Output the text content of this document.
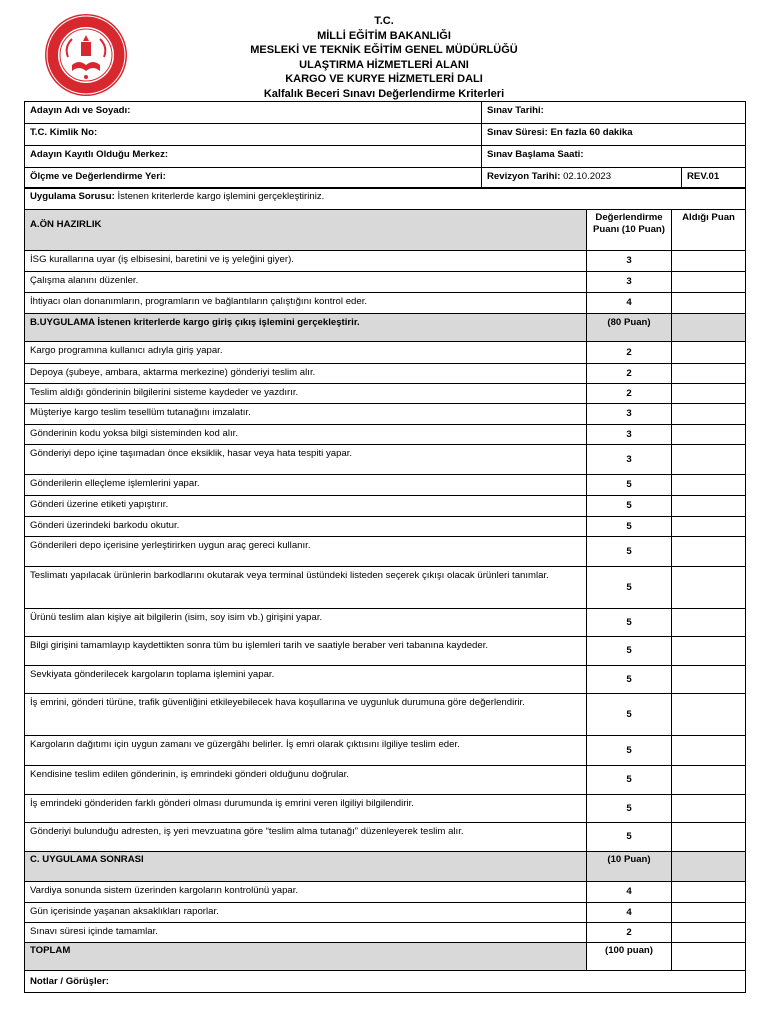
T.C.
MİLLİ EĞİTİM BAKANLIĞI
MESLEKİ VE TEKNİK EĞİTİM GENEL MÜDÜRLÜĞÜ
ULAŞTIRMA HİZMETLERİ ALANI
KARGO VE KURYE HİZMETLERİ DALI
Kalfalık Beceri Sınavı Değerlendirme Kriterleri
Adayın Adı ve Soyadı:	Sınav Tarihi:	
T.C. Kimlik No:	Sınav Süresi: En fazla 60 dakika	
Adayın Kayıtlı Olduğu Merkez:	Sınav Başlama Saati:	
Ölçme ve Değerlendirme Yeri:	Revizyon Tarihi: 02.10.2023	REV.01
Uygulama Sorusu: İstenen kriterlerde kargo işlemini gerçekleştiriniz.		
A.ÖN HAZIRLIK	Değerlendirme Puanı (10 Puan)	Aldığı Puan
İSG kurallarına uyar (iş elbisesini, baretini ve iş yeleğini giyer).	3	
Çalışma alanını düzenler.	3	
İhtiyacı olan donanımların, programların ve bağlantıların çalıştığını kontrol eder.	4	
B.UYGULAMA İstenen kriterlerde kargo giriş çıkış işlemini gerçekleştirir.	(80 Puan)	
Kargo programına kullanıcı adıyla giriş yapar.	2	
Depoya (şubeye, ambara, aktarma merkezine) gönderiyi teslim alır.	2	
Teslim aldığı gönderinin bilgilerini sisteme kaydeder ve yazdırır.	2	
Müşteriye kargo teslim tesellüm tutanağını imzalatır.	3	
Gönderinin kodu yoksa bilgi sisteminden kod alır.	3	
Gönderiyi depo içine taşımadan önce eksiklik, hasar veya hata tespiti yapar.	3	
Gönderilerin elleçleme işlemlerini yapar.	5	
Gönderi üzerine etiketi yapıştırır.	5	
Gönderi üzerindeki barkodu okutur.	5	
Gönderileri depo içerisine yerleştirirken uygun araç gereci kullanır.	5	
Teslimatı yapılacak ürünlerin barkodlarını okutarak veya terminal üstündeki listeden seçerek çıkışı olacak ürünleri tanımlar.	5	
Ürünü teslim alan kişiye ait bilgilerin (isim, soy isim vb.) girişini yapar.	5	
Bilgi girişini tamamlayıp kaydettikten sonra tüm bu işlemleri tarih ve saatiyle beraber veri tabanına kaydeder.	5	
Sevkiyata gönderilecek kargoların toplama işlemini yapar.	5	
İş emrini, gönderi türüne, trafik güvenliğini etkileyebilecek hava koşullarına ve uygunluk durumuna göre değerlendirir.	5	
Kargoların dağıtımı için uygun zamanı ve güzergâhı belirler. İş emri olarak çıktısını ilgiliye teslim eder.	5	
Kendisine teslim edilen gönderinin, iş emrindeki gönderi olduğunu doğrular.	5	
İş emrindeki gönderiden farklı gönderi olması durumunda iş emrini veren ilgiliyi bilgilendirir.	5	
Gönderiyi bulunduğu adresten, iş yeri mevzuatına göre “teslim alma tutanağı” düzenleyerek teslim alır.	5	
C. UYGULAMA SONRASI	(10 Puan)	
Vardiya sonunda sistem üzerinden kargoların kontrolünü yapar.	4	
Gün içerisinde yaşanan aksaklıkları raporlar.	4	
Sınavı süresi içinde tamamlar.	2	
TOPLAM	(100 puan)	
Notlar / Görüşler:		
